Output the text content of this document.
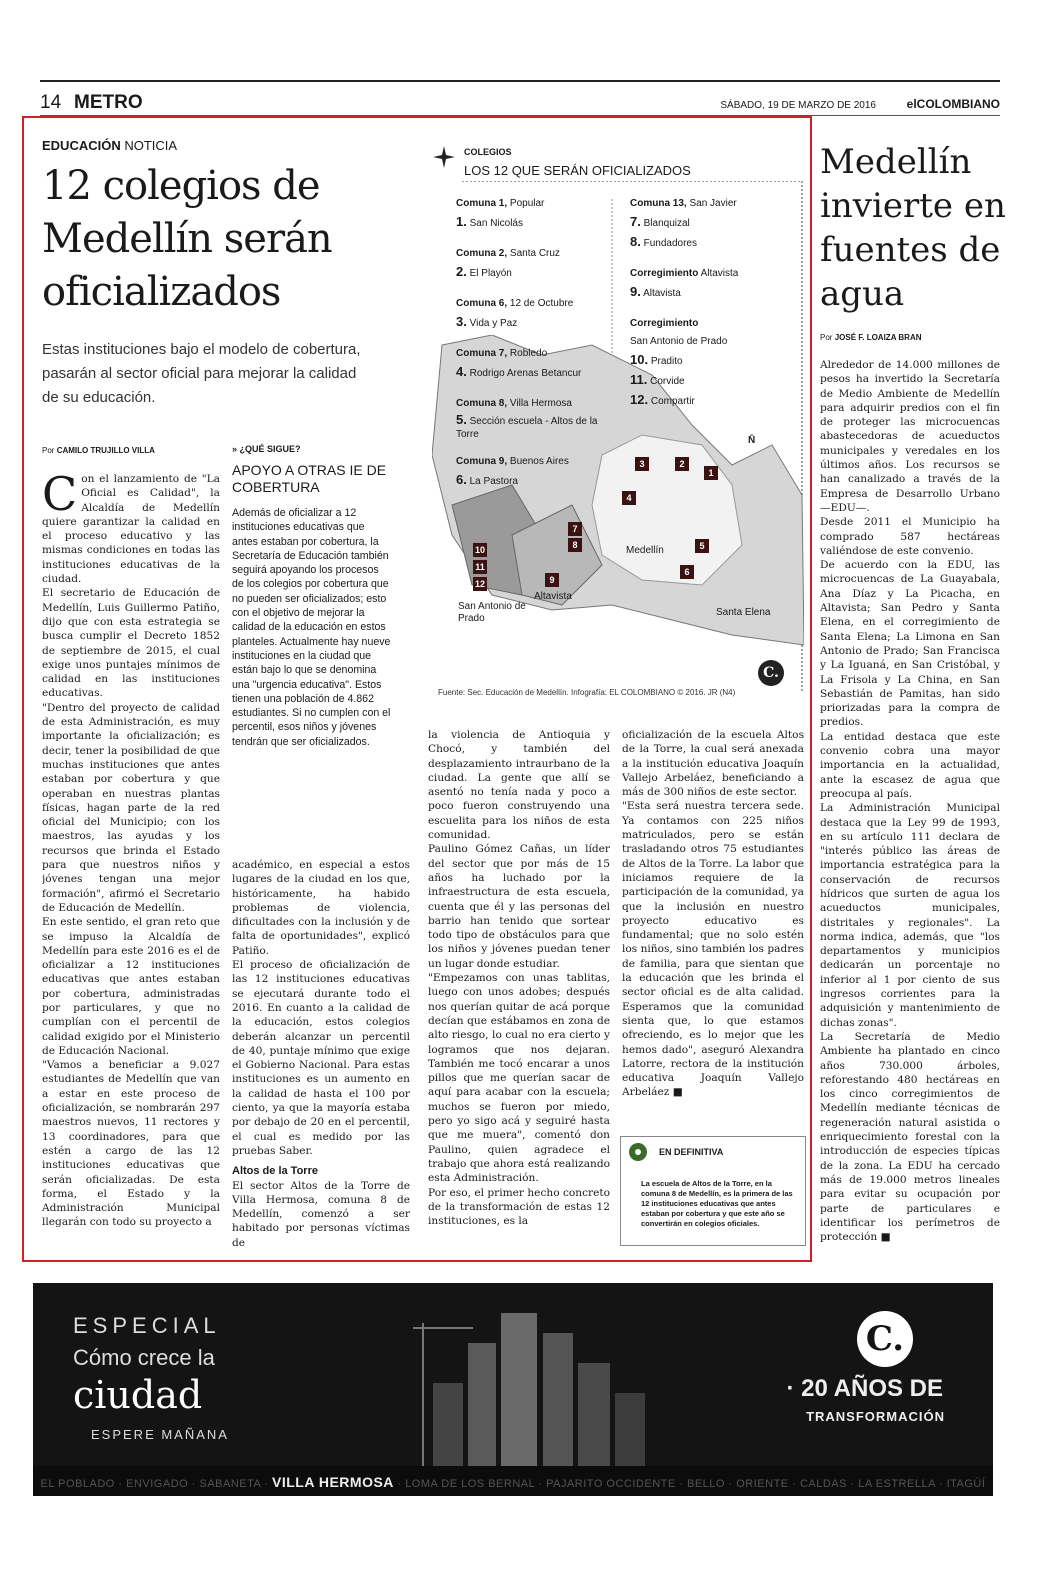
14 METRO	SÁBADO, 19 DE MARZO DE 2016	elCOLOMBIANO
EDUCACIÓN NOTICIA
12 colegios de Medellín serán oficializados
Estas instituciones bajo el modelo de cobertura, pasarán al sector oficial para mejorar la calidad de su educación.
Por CAMILO TRUJILLO VILLA

Con el lanzamiento de "La Oficial es Calidad", la Alcaldía de Medellín quiere garantizar la calidad en el proceso educativo y las mismas condiciones en todas las instituciones educativas de la ciudad.

El secretario de Educación de Medellín, Luis Guillermo Patiño, dijo que con esta estrategia se busca cumplir el Decreto 1852 de septiembre de 2015, el cual exige unos puntajes mínimos de calidad en las instituciones educativas.

"Dentro del proyecto de calidad de esta Administración, es muy importante la oficialización; es decir, tener la posibilidad de que muchas instituciones que antes estaban por cobertura y que operaban en nuestras plantas físicas, hagan parte de la red oficial del Municipio; con los maestros, las ayudas y los recursos que brinda el Estado para que nuestros niños y jóvenes tengan una mejor formación", afirmó el Secretario de Educación de Medellín.

En este sentido, el gran reto que se impuso la Alcaldía de Medellín para este 2016 es el de oficializar a 12 instituciones educativas que antes estaban por cobertura, administradas por particulares, y que no cumplían con el percentil de calidad exigido por el Ministerio de Educación Nacional.

"Vamos a beneficiar a 9.027 estudiantes de Medellín que van a estar en este proceso de oficialización, se nombrarán 297 maestros nuevos, 11 rectores y 13 coordinadores, para que estén a cargo de las 12 instituciones educativas que serán oficializadas. De esta forma, el Estado y la Administración Municipal llegarán con todo su proyecto a

» ¿QUÉ SIGUE?
APOYO A OTRAS IE DE COBERTURA
Además de oficializar a 12 instituciones educativas que antes estaban por cobertura, la Secretaría de Educación también seguirá apoyando los procesos de los colegios por cobertura que no pueden ser oficializados; esto con el objetivo de mejorar la calidad de la educación en estos planteles. Actualmente hay nueve instituciones en la ciudad que están bajo lo que se denomina una "urgencia educativa". Estos tienen una población de 4.862 estudiantes. Si no cumplen con el percentil, esos niños y jóvenes tendrán que ser oficializados.

académico, en especial a estos lugares de la ciudad en los que, históricamente, ha habido problemas de violencia, dificultades con la inclusión y de falta de oportunidades", explicó Patiño.

El proceso de oficialización de las 12 instituciones educativas se ejecutará durante todo el 2016. En cuanto a la calidad de la educación, estos colegios deberán alcanzar un percentil de 40, puntaje mínimo que exige el Gobierno Nacional. Para estas instituciones es un aumento en la calidad de hasta el 100 por ciento, ya que la mayoría estaba por debajo de 20 en el percentil, el cual es medido por las pruebas Saber.

Altos de la Torre

El sector Altos de la Torre de Villa Hermosa, comuna 8 de Medellín, comenzó a ser habitado por personas víctimas de

la violencia de Antioquia y Chocó, y también del desplazamiento intraurbano de la ciudad. La gente que allí se asentó no tenía nada y poco a poco fueron construyendo una escuelita para los niños de esta comunidad.

Paulino Gómez Cañas, un líder del sector que por más de 15 años ha luchado por la infraestructura de esta escuela, cuenta que él y las personas del barrio han tenido que sortear todo tipo de obstáculos para que los niños y jóvenes puedan tener un lugar donde estudiar.

"Empezamos con unas tablitas, luego con unos adobes; después nos querían quitar de acá porque decían que estábamos en zona de alto riesgo, lo cual no era cierto y logramos que nos dejaran. También me tocó encarar a unos pillos que me querían sacar de aquí para acabar con la escuela; muchos se fueron por miedo, pero yo sigo acá y seguiré hasta que me muera", comentó don Paulino, quien agradece el trabajo que ahora está realizando esta Administración.

Por eso, el primer hecho concreto de la transformación de estas 12 instituciones, es la

oficialización de la escuela Altos de la Torre, la cual será anexada a la institución educativa Joaquín Vallejo Arbeláez, beneficiando a más de 300 niños de este sector.

"Esta será nuestra tercera sede. Ya contamos con 225 niños matriculados, pero se están trasladando otros 75 estudiantes de Altos de la Torre. La labor que iniciamos requiere de la participación de la comunidad, ya que la inclusión en nuestro proyecto educativo es fundamental; que no solo estén los niños, sino también los padres de familia, para que sientan que la educación que les brinda el sector oficial es de alta calidad. Esperamos que la comunidad sienta que, lo que estamos ofreciendo, es lo mejor que les hemos dado", aseguró Alexandra Latorre, rectora de la institución educativa Joaquín Vallejo Arbeláez ■

EN DEFINITIVA
La escuela de Altos de la Torre, en la comuna 8 de Medellín, es la primera de las 12 instituciones educativas que antes estaban por cobertura y que este año se convertirán en colegios oficiales.
COLEGIOS
LOS 12 QUE SERÁN OFICIALIZADOS
1
2
3
4
5
6
7
8
9
10
11
12
Medellín
Santa Elena
Altavista
San Antonio de Prado
N̄
C.
Comuna 1, Popular
1. San Nicolás
Comuna 2, Santa Cruz
2. El Playón
Comuna 6, 12 de Octubre
3. Vida y Paz
Comuna 7, Robledo
4. Rodrigo Arenas Betancur
Comuna 8, Villa Hermosa
5. Sección escuela - Altos de la Torre
Comuna 9, Buenos Aires
6. La Pastora
Comuna 13, San Javier
7. Blanquizal
8. Fundadores
Corregimiento Altavista
9. Altavista
Corregimiento
San Antonio de Prado
10. Pradito
11. Corvide
12. Compartir
Fuente: Sec. Educación de Medellín. Infografía: EL COLOMBIANO © 2016. JR (N4)
Medellín invierte en fuentes de agua
Por JOSÉ F. LOAIZA BRAN

Alrededor de 14.000 millones de pesos ha invertido la Secretaría de Medio Ambiente de Medellín para adquirir predios con el fin de proteger las microcuencas abastecedoras de acueductos municipales y veredales en los últimos años. Los recursos se han canalizado a través de la Empresa de Desarrollo Urbano —EDU—.

Desde 2011 el Municipio ha comprado 587 hectáreas valiéndose de este convenio.

De acuerdo con la EDU, las microcuencas de La Guayabala, Ana Díaz y La Picacha, en Altavista; San Pedro y Santa Elena, en el corregimiento de Santa Elena; La Limona en San Antonio de Prado; San Francisca y La Iguaná, en San Cristóbal, y La Frisola y La China, en San Sebastián de Pamitas, han sido priorizadas para la compra de predios.

La entidad destaca que este convenio cobra una mayor importancia en la actualidad, ante la escasez de agua que preocupa al país.

La Administración Municipal destaca que la Ley 99 de 1993, en su artículo 111 declara de "interés público las áreas de importancia estratégica para la conservación de recursos hídricos que surten de agua los acueductos municipales, distritales y regionales". La norma indica, además, que "los departamentos y municipios dedicarán un porcentaje no inferior al 1 por ciento de sus ingresos corrientes para la adquisición y mantenimiento de dichas zonas".

La Secretaría de Medio Ambiente ha plantado en cinco años 730.000 árboles, reforestando 480 hectáreas en los cinco corregimientos de Medellín mediante técnicas de regeneración natural asistida o enriquecimiento forestal con la introducción de especies típicas de la zona. La EDU ha cercado más de 19.000 metros lineales para evitar su ocupación por parte de particulares e identificar los perímetros de protección ■

ESPECIAL
Cómo crece la
ciudad
ESPERE MAÑANA
C.
· 20 AÑOS DE
TRANSFORMACIÓN
EL POBLADO · ENVIGADO · SABANETA · VILLA HERMOSA · LOMA DE LOS BERNAL · PAJARITO OCCIDENTE · BELLO · ORIENTE · CALDAS · LA ESTRELLA · ITAGÜÍ
